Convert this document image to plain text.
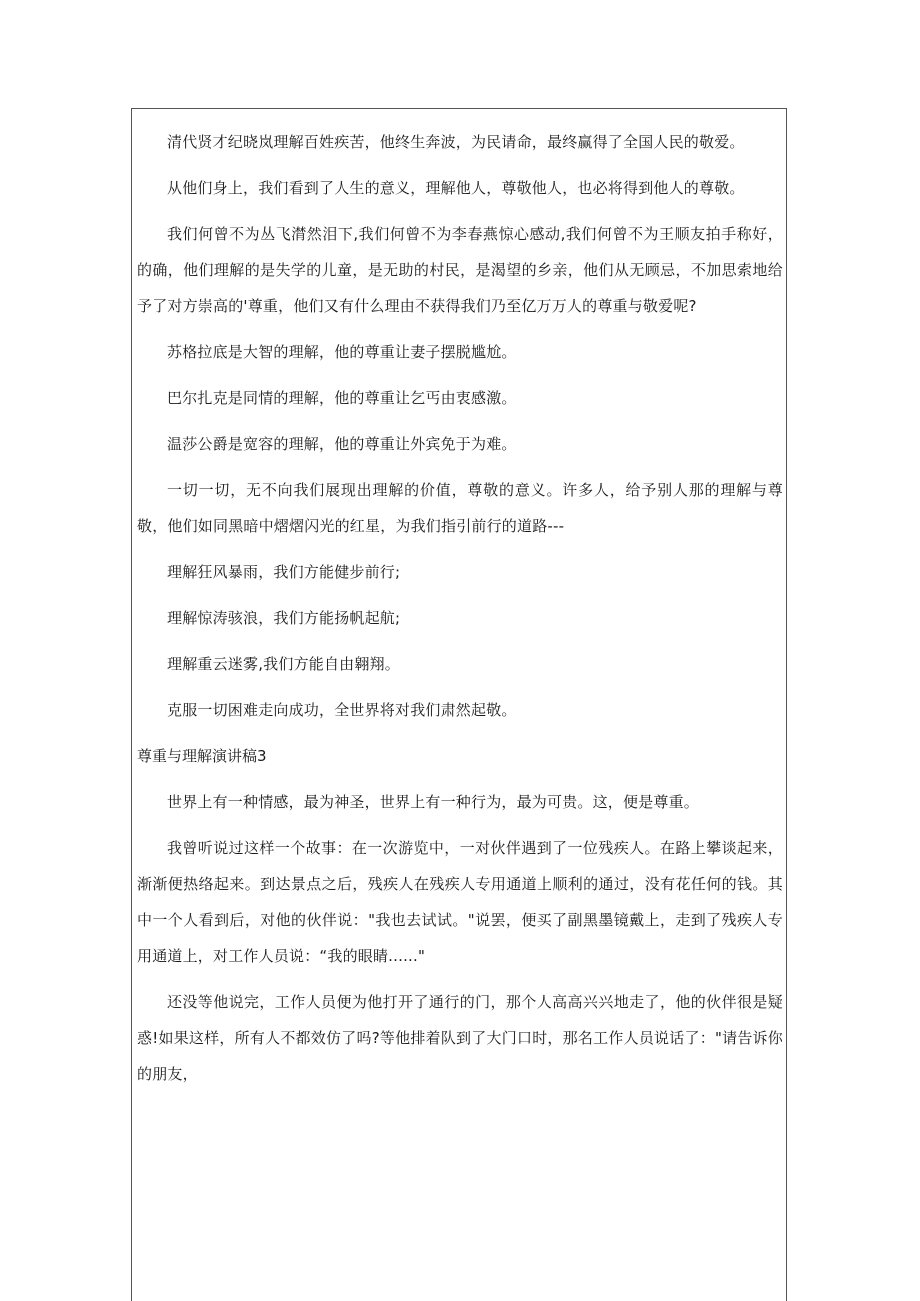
清代贤才纪晓岚理解百姓疾苦，他终生奔波，为民请命，最终赢得了全国人民的敬爱。

从他们身上，我们看到了人生的意义，理解他人，尊敬他人，也必将得到他人的尊敬。

我们何曾不为丛飞潸然泪下,我们何曾不为李春燕惊心感动,我们何曾不为王顺友拍手称好，的确，他们理解的是失学的儿童，是无助的村民，是渴望的乡亲，他们从无顾忌，不加思索地给予了对方崇高的'尊重，他们又有什么理由不获得我们乃至亿万万人的尊重与敬爱呢?

苏格拉底是大智的理解，他的尊重让妻子摆脱尴尬。

巴尔扎克是同情的理解，他的尊重让乞丐由衷感激。

温莎公爵是宽容的理解，他的尊重让外宾免于为难。

一切一切，无不向我们展现出理解的价值，尊敬的意义。许多人，给予别人那的理解与尊敬，他们如同黑暗中熠熠闪光的红星，为我们指引前行的道路---

理解狂风暴雨，我们方能健步前行;

理解惊涛骇浪，我们方能扬帆起航;

理解重云迷雾,我们方能自由翱翔。

克服一切困难走向成功，全世界将对我们肃然起敬。

尊重与理解演讲稿3

世界上有一种情感，最为神圣，世界上有一种行为，最为可贵。这，便是尊重。

我曾听说过这样一个故事：在一次游览中，一对伙伴遇到了一位残疾人。在路上攀谈起来，渐渐便热络起来。到达景点之后，残疾人在残疾人专用通道上顺利的通过，没有花任何的钱。其中一个人看到后，对他的伙伴说："我也去试试。"说罢，便买了副黑墨镜戴上，走到了残疾人专用通道上，对工作人员说：“我的眼睛......"

还没等他说完，工作人员便为他打开了通行的门，那个人高高兴兴地走了，他的伙伴很是疑惑!如果这样，所有人不都效仿了吗?等他排着队到了大门口时，那名工作人员说话了："请告诉你的朋友，
